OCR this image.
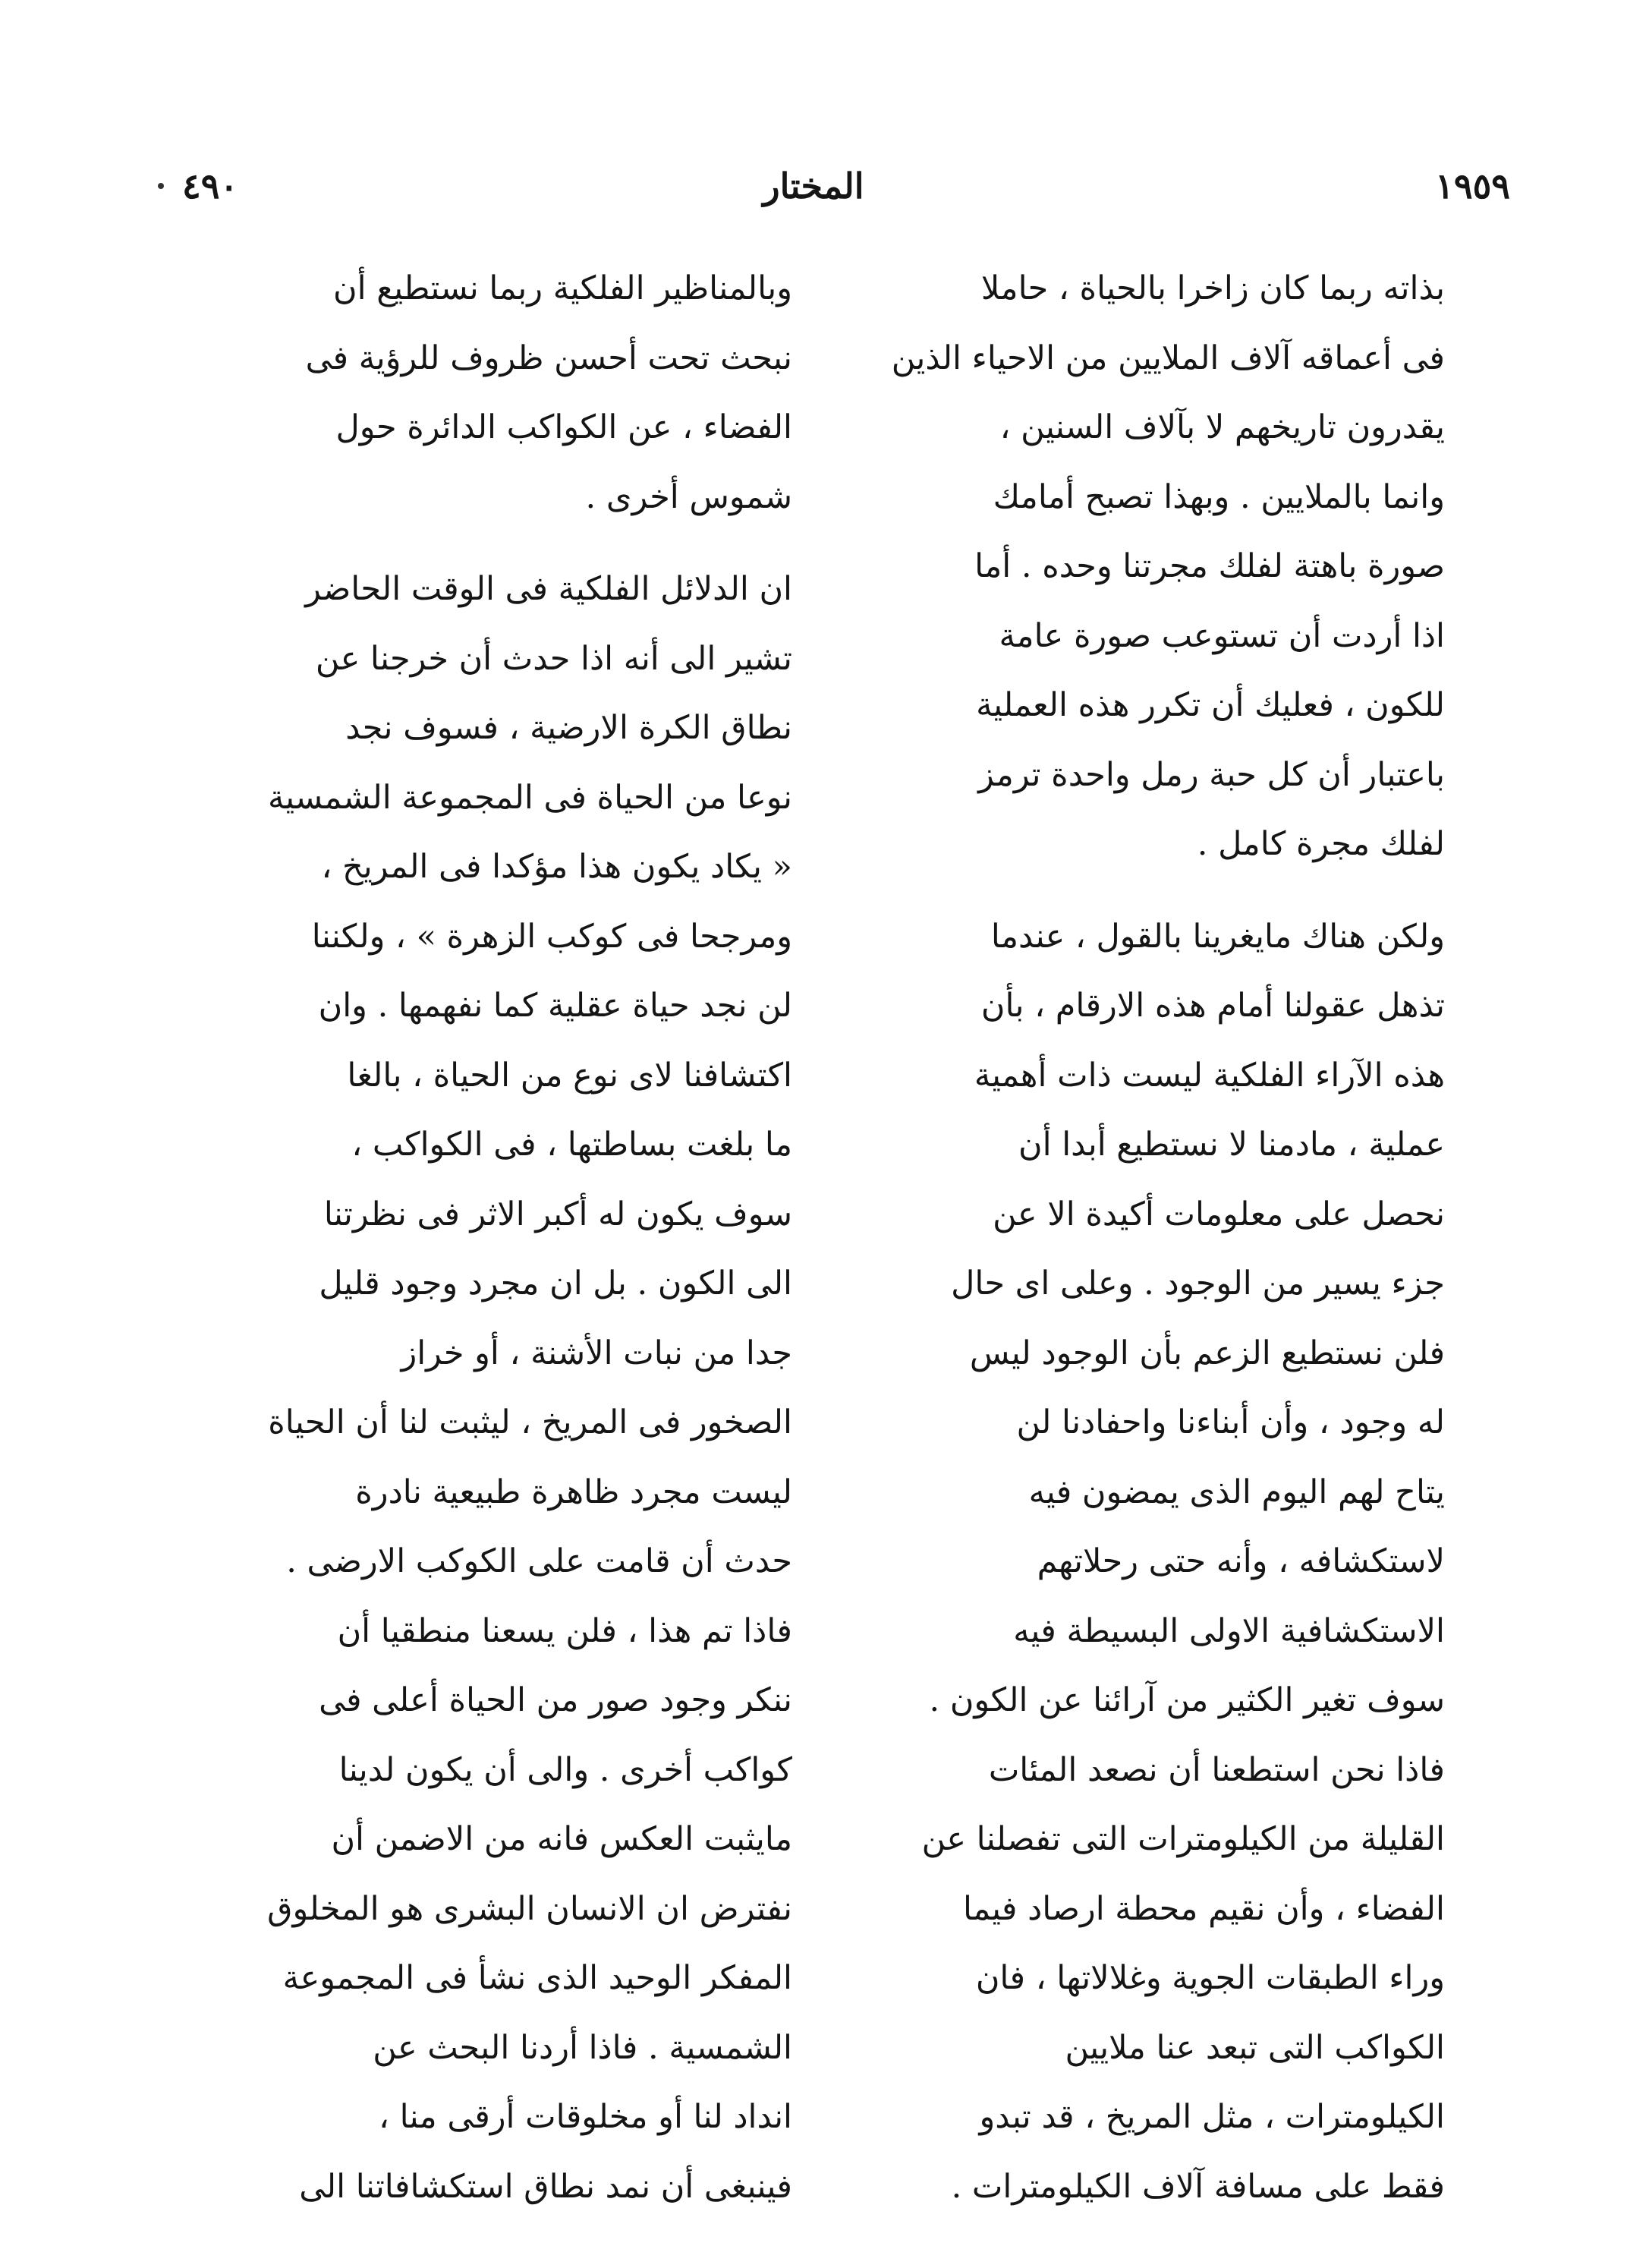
١٩٥٩
المختار
٤٩٠

بذاته ربما كان زاخرا بالحياة ، حاملا
فى أعماقه آلاف الملايين من الاحياء الذين
يقدرون تاريخهم لا بآلاف السنين ،
وانما بالملايين . وبهذا تصبح أمامك
صورة باهتة لفلك مجرتنا وحده . أما
اذا أردت أن تستوعب صورة عامة
للكون ، فعليك أن تكرر هذه العملية
باعتبار أن كل حبة رمل واحدة ترمز
لفلك مجرة كامل .

ولكن هناك مايغرينا بالقول ، عندما
تذهل عقولنا أمام هذه الارقام ، بأن
هذه الآراء الفلكية ليست ذات أهمية
عملية ، مادمنا لا نستطيع أبدا أن
نحصل على معلومات أكيدة الا عن
جزء يسير من الوجود . وعلى اى حال
فلن نستطيع الزعم بأن الوجود ليس
له وجود ، وأن أبناءنا واحفادنا لن
يتاح لهم اليوم الذى يمضون فيه
لاستكشافه ، وأنه حتى رحلاتهم
الاستكشافية الاولى البسيطة فيه
سوف تغير الكثير من آرائنا عن الكون .
فاذا نحن استطعنا أن نصعد المئات
القليلة من الكيلومترات التى تفصلنا عن
الفضاء ، وأن نقيم محطة ارصاد فيما
وراء الطبقات الجوية وغلالاتها ، فان
الكواكب التى تبعد عنا ملايين
الكيلومترات ، مثل المريخ ، قد تبدو
فقط على مسافة آلاف الكيلومترات .

وبالمناظير الفلكية ربما نستطيع أن
نبحث تحت أحسن ظروف للرؤية فى
الفضاء ، عن الكواكب الدائرة حول
شموس أخرى .

ان الدلائل الفلكية فى الوقت الحاضر
تشير الى أنه اذا حدث أن خرجنا عن
نطاق الكرة الارضية ، فسوف نجد
نوعا من الحياة فى المجموعة الشمسية
« يكاد يكون هذا مؤكدا فى المريخ ،
ومرجحا فى كوكب الزهرة » ، ولكننا
لن نجد حياة عقلية كما نفهمها . وان
اكتشافنا لاى نوع من الحياة ، بالغا
ما بلغت بساطتها ، فى الكواكب ،
سوف يكون له أكبر الاثر فى نظرتنا
الى الكون . بل ان مجرد وجود قليل
جدا من نبات الأشنة ، أو خراز
الصخور فى المريخ ، ليثبت لنا أن الحياة
ليست مجرد ظاهرة طبيعية نادرة
حدث أن قامت على الكوكب الارضى .
فاذا تم هذا ، فلن يسعنا منطقيا أن
ننكر وجود صور من الحياة أعلى فى
كواكب أخرى . والى أن يكون لدينا
مايثبت العكس فانه من الاضمن أن
نفترض ان الانسان البشرى هو المخلوق
المفكر الوحيد الذى نشأ فى المجموعة
الشمسية . فاذا أردنا البحث عن
انداد لنا أو مخلوقات أرقى منا ،
فينبغى أن نمد نطاق استكشافاتنا الى
